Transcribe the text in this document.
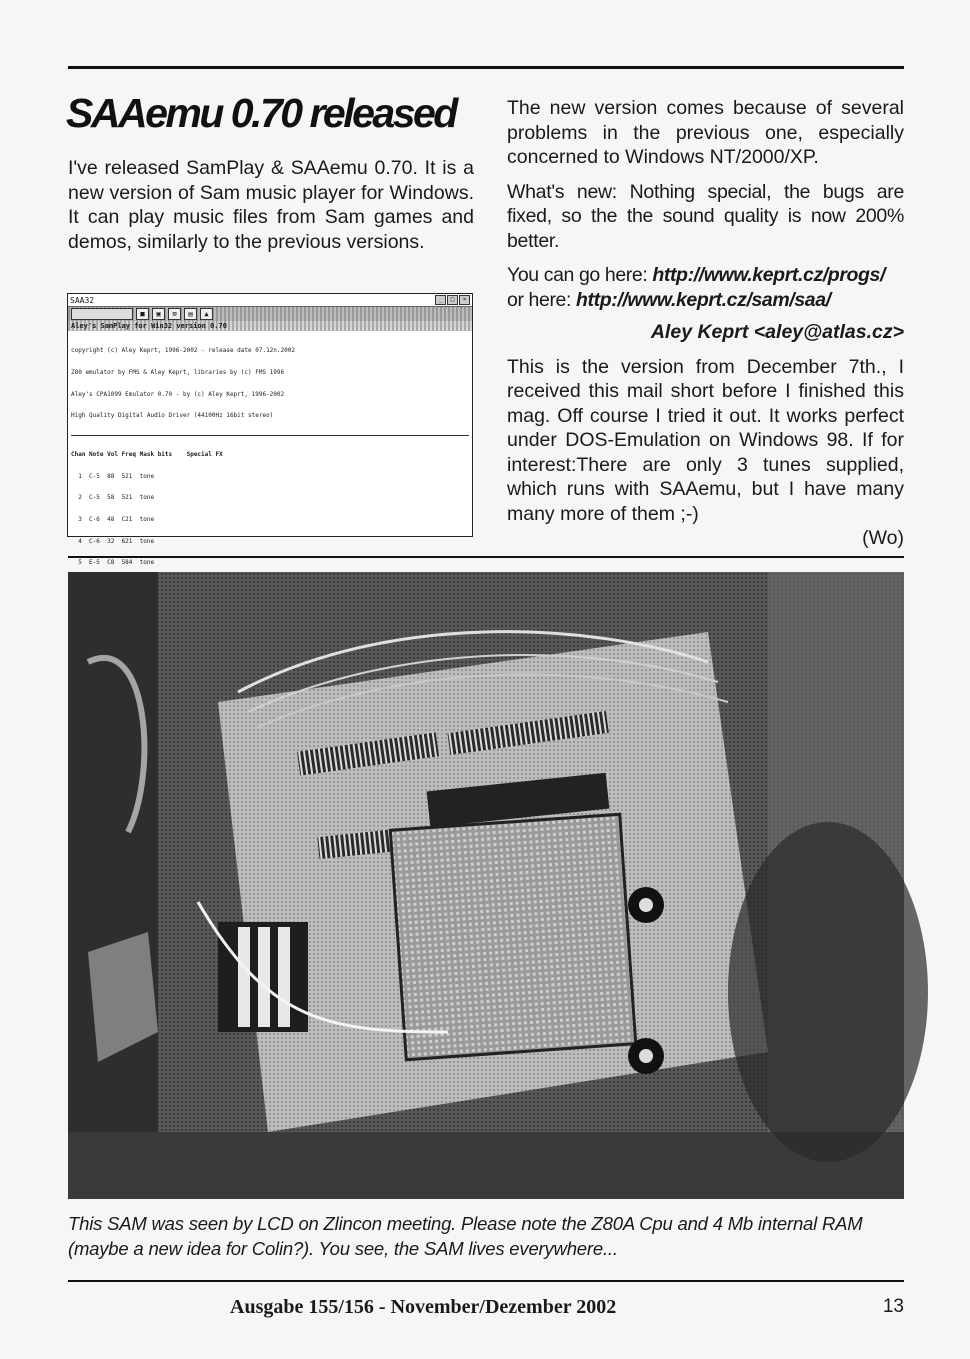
SAAemu 0.70 released

I've released SamPlay & SAAemu 0.70. It is a new version of Sam music player for Windows. It can play music files from Sam games and demos, similarly to the previous versions.

SAA32	_	□	×
■	▣	⊠	▤	▲
Aley's SamPlay for Win32 version 0.70

copyright (c) Aley Keprt, 1996-2002 - release date 07.12n.2002

Z80 emulator by FMS & Aley Keprt, libraries by (c) FMS 1996

Aley's CPA1099 Emulator 0.70 - by (c) Aley Keprt, 1996-2002

High Quality Digital Audio Driver (44100Hz 16bit stereo)

Chan Note Vol Freq Mask bits    Special FX

1  C-5  88  521  tone

2  C-5  58  521  tone

3  C-6  48  C21  tone

4  C-6  32  621  tone

5  E-5  C8  584  tone

The new version comes because of several problems in the previous one, especially concerned to Windows NT/2000/XP.

What's new: Nothing special, the bugs are fixed, so the the sound quality is now 200% better.

You can go here: http://www.keprt.cz/progs/ or here: http://www.keprt.cz/sam/saa/

Aley Keprt <aley@atlas.cz>

This is the version from December 7th., I received this mail short before I finished this mag. Off course I tried it out. It works perfect under DOS-Emulation on Windows 98. If for interest:There are only 3 tunes supplied, which runs with SAAemu, but I have many many more of them ;-)

(Wo)

This SAM was seen by LCD on Zlincon meeting. Please note the Z80A Cpu and 4 Mb internal RAM (maybe a new idea for Colin?). You see, the SAM lives everywhere...

Ausgabe 155/156 - November/Dezember 2002	13
